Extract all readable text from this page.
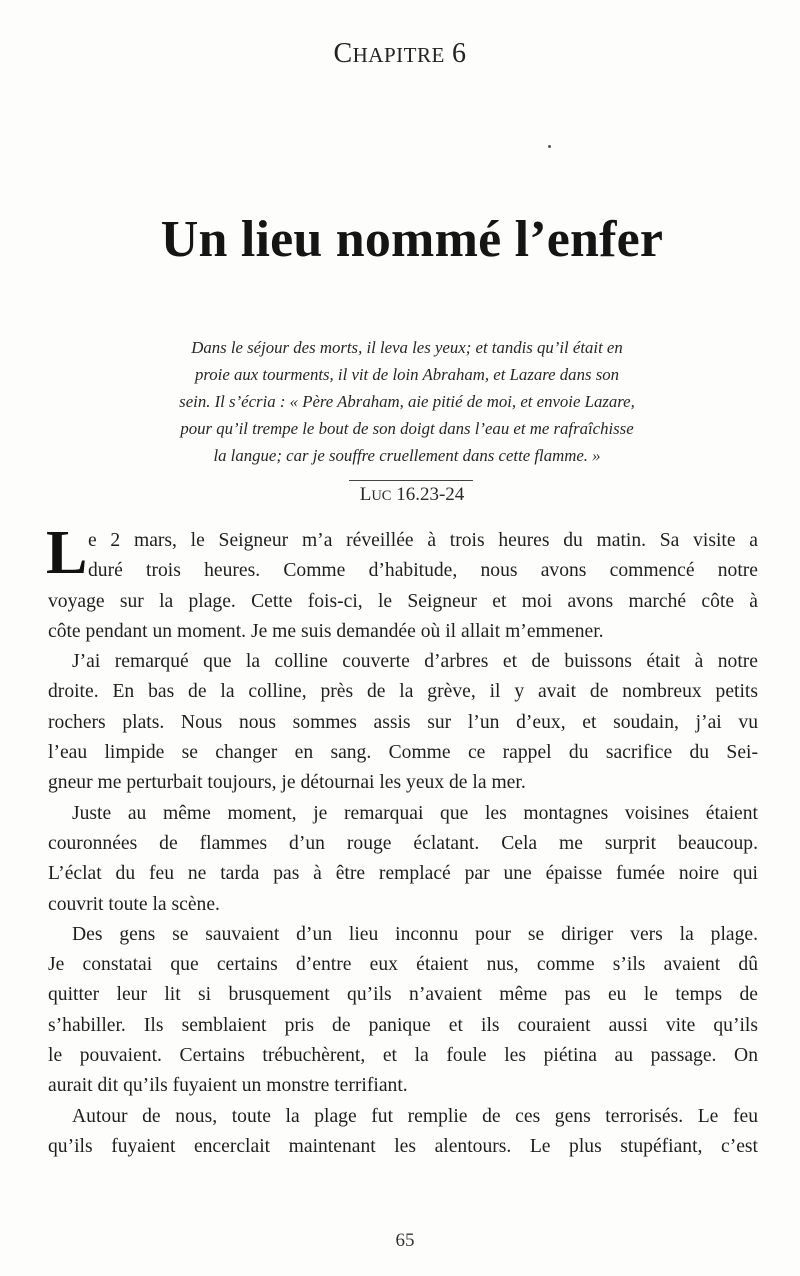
CHAPITRE 6
Un lieu nommé l’enfer
Dans le séjour des morts, il leva les yeux; et tandis qu’il était en
proie aux tourments, il vit de loin Abraham, et Lazare dans son
sein. Il s’écria : « Père Abraham, aie pitié de moi, et envoie Lazare,
pour qu’il trempe le bout de son doigt dans l’eau et me rafraîchisse
la langue; car je souffre cruellement dans cette flamme. »
LUC 16.23-24
L e 2 mars, le Seigneur m’a réveillée à trois heures du matin. Sa visite a
duré trois heures. Comme d’habitude, nous avons commencé notre
voyage sur la plage. Cette fois-ci, le Seigneur et moi avons marché côte à
côte pendant un moment. Je me suis demandée où il allait m’emmener.
J’ai remarqué que la colline couverte d’arbres et de buissons était à notre
droite. En bas de la colline, près de la grève, il y avait de nombreux petits
rochers plats. Nous nous sommes assis sur l’un d’eux, et soudain, j’ai vu
l’eau limpide se changer en sang. Comme ce rappel du sacrifice du Sei-
gneur me perturbait toujours, je détournai les yeux de la mer.
Juste au même moment, je remarquai que les montagnes voisines étaient
couronnées de flammes d’un rouge éclatant. Cela me surprit beaucoup.
L’éclat du feu ne tarda pas à être remplacé par une épaisse fumée noire qui
couvrit toute la scène.
Des gens se sauvaient d’un lieu inconnu pour se diriger vers la plage.
Je constatai que certains d’entre eux étaient nus, comme s’ils avaient dû
quitter leur lit si brusquement qu’ils n’avaient même pas eu le temps de
s’habiller. Ils semblaient pris de panique et ils couraient aussi vite qu’ils
le pouvaient. Certains trébuchèrent, et la foule les piétina au passage. On
aurait dit qu’ils fuyaient un monstre terrifiant.
Autour de nous, toute la plage fut remplie de ces gens terrorisés. Le feu
qu’ils fuyaient encerclait maintenant les alentours. Le plus stupéfiant, c’est
65
